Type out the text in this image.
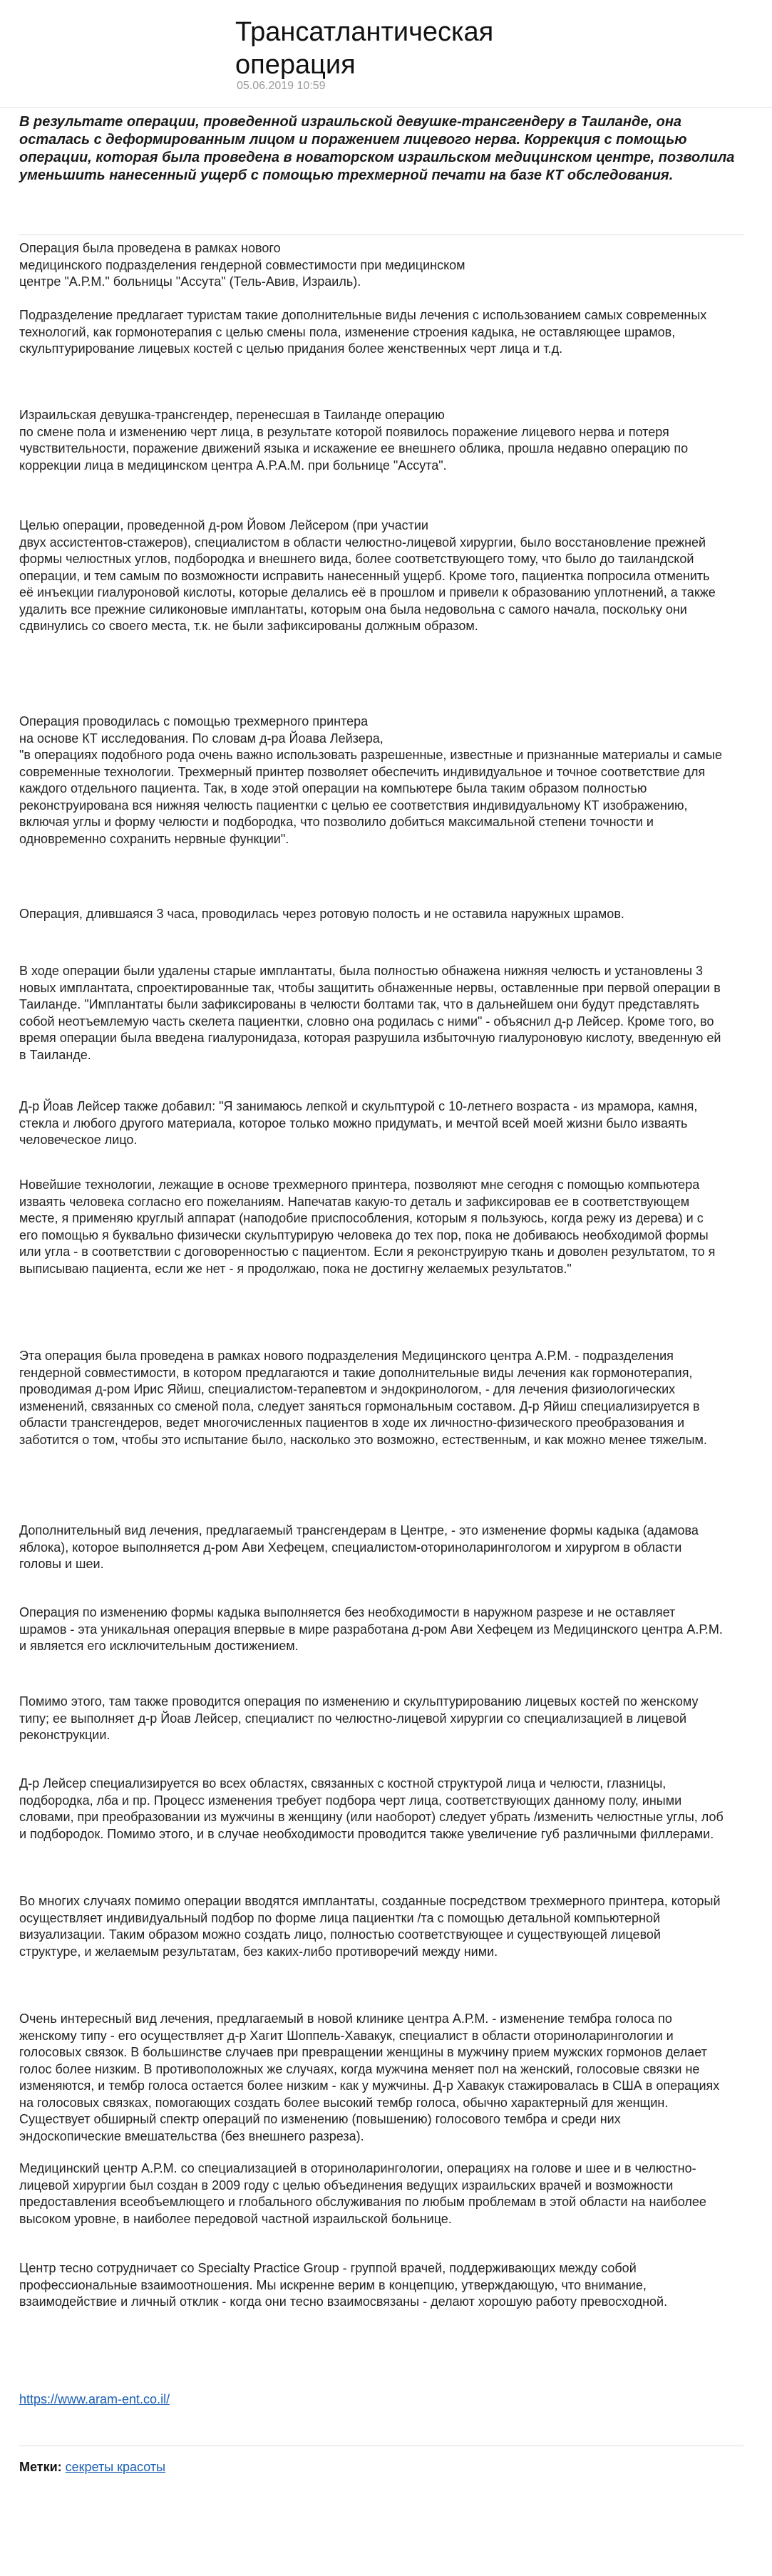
Трансатлантическая операция
05.06.2019 10:59

В результате операции, проведенной израильской девушке-трансгендеру в Таиланде, она осталась с деформированным лицом и поражением лицевого нерва. Коррекция с помощью операции, которая была проведена в новаторском израильском медицинском центре, позволила уменьшить нанесенный ущерб с помощью трехмерной печати на базе КТ обследования.

Операция была проведена в рамках нового
медицинского подразделения гендерной совместимости при медицинском
центре "А.Р.М." больницы "Ассута" (Тель-Авив, Израиль).

Подразделение предлагает туристам такие дополнительные виды лечения с использованием самых современных технологий, как гормонотерапия с целью смены пола, изменение строения кадыка, не оставляющее шрамов, скульптурирование лицевых костей с целью придания более женственных черт лица и т.д.

Израильская девушка-трансгендер, перенесшая в Таиланде операцию
по смене пола и изменению черт лица, в результате которой появилось поражение лицевого нерва и потеря чувствительности, поражение движений языка и искажение ее внешнего облика, прошла недавно операцию по коррекции лица в медицинском центра А.Р.А.М. при больнице "Ассута".

Целью операции, проведенной д-ром Йовом Лейсером (при участии
двух ассистентов-стажеров), специалистом в области челюстно-лицевой хирургии, было восстановление прежней формы челюстных углов, подбородка и внешнего вида, более соответствующего тому, что было до таиландской операции, и тем самым по возможности исправить нанесенный ущерб. Кроме того, пациентка попросила отменить её инъекции гиалуроновой кислоты, которые делались её в прошлом и привели к образованию уплотнений, а также удалить все прежние силиконовые имплантаты, которым она была недовольна с самого начала, поскольку они сдвинулись со своего места, т.к. не были зафиксированы должным образом.

Операция проводилась с помощью трехмерного принтера
на основе КТ исследования. По словам д-ра Йоава Лейзера,
"в операциях подобного рода очень важно использовать разрешенные, известные и признанные материалы и самые современные технологии. Трехмерный принтер позволяет обеспечить индивидуальное и точное соответствие для каждого отдельного пациента. Так, в ходе этой операции на компьютере была таким образом полностью реконструирована вся нижняя челюсть пациентки с целью ее соответствия индивидуальному КТ изображению, включая углы и форму челюсти и подбородка, что позволило добиться максимальной степени точности и одновременно сохранить нервные функции".

Операция, длившаяся 3 часа, проводилась через ротовую полость и не оставила наружных шрамов.

В ходе операции были удалены старые имплантаты, была полностью обнажена нижняя челюсть и установлены 3 новых имплантата, спроектированные так, чтобы защитить обнаженные нервы, оставленные при первой операции в Таиланде. "Имплантаты были зафиксированы в челюсти болтами так, что в дальнейшем они будут представлять собой неотъемлемую часть скелета пациентки, словно она родилась с ними" - объяснил д-р Лейсер. Кроме того, во время операции была введена гиалуронидаза, которая разрушила избыточную гиалуроновую кислоту, введенную ей в Таиланде.

Д-р Йоав Лейсер также добавил: "Я занимаюсь лепкой и скульптурой с 10-летнего возраста - из мрамора, камня, стекла и любого другого материала, которое только можно придумать, и мечтой всей моей жизни было изваять человеческое лицо.

Новейшие технологии, лежащие в основе трехмерного принтера, позволяют мне сегодня с помощью компьютера изваять человека согласно его пожеланиям. Напечатав какую-то деталь и зафиксировав ее в соответствующем месте, я применяю круглый аппарат (наподобие приспособления, которым я пользуюсь, когда режу из дерева) и с его помощью я буквально физически скульптурирую человека до тех пор, пока не добиваюсь необходимой формы или угла - в соответствии с договоренностью с пациентом. Если я реконструирую ткань и доволен результатом, то я выписываю пациента, если же нет - я продолжаю, пока не достигну желаемых результатов."

Эта операция была проведена в рамках нового подразделения Медицинского центра А.Р.М. - подразделения гендерной совместимости, в котором предлагаются и такие дополнительные виды лечения как гормонотерапия, проводимая д-ром Ирис Яйиш, специалистом-терапевтом и эндокринологом, - для лечения физиологических изменений, связанных со сменой пола, следует заняться гормональным составом. Д-р Яйиш специализируется в области трансгендеров, ведет многочисленных пациентов в ходе их личностно-физического преобразования и заботится о том, чтобы это испытание было, насколько это возможно, естественным, и как можно менее тяжелым.

Дополнительный вид лечения, предлагаемый трансгендерам в Центре, - это изменение формы кадыка (адамова яблока), которое выполняется д-ром Ави Хефецем, специалистом-оториноларингологом и хирургом в области головы и шеи.

Операция по изменению формы кадыка выполняется без необходимости в наружном разрезе и не оставляет шрамов - эта уникальная операция впервые в мире разработана д-ром Ави Хефецем из Медицинского центра А.Р.М. и является его исключительным достижением.

Помимо этого, там также проводится операция по изменению и скульптурированию лицевых костей по женскому типу; ее выполняет д-р Йоав Лейсер, специалист по челюстно-лицевой хирургии со специализацией в лицевой реконструкции.

Д-р Лейсер специализируется во всех областях, связанных с костной структурой лица и челюсти, глазницы, подбородка, лба и пр. Процесс изменения требует подбора черт лица, соответствующих данному полу, иными словами, при преобразовании из мужчины в женщину (или наоборот) следует убрать /изменить челюстные углы, лоб и подбородок. Помимо этого, и в случае необходимости проводится также увеличение губ различными филлерами.

Во многих случаях помимо операции вводятся имплантаты, созданные посредством трехмерного принтера, который осуществляет индивидуальный подбор по форме лица пациентки /та с помощью детальной компьютерной визуализации. Таким образом можно создать лицо, полностью соответствующее и существующей лицевой структуре, и желаемым результатам, без каких-либо противоречий между ними.

Очень интересный вид лечения, предлагаемый в новой клинике центра А.Р.М. - изменение тембра голоса по женскому типу - его осуществляет д-р Хагит Шоппель-Хавакук, специалист в области оториноларингологии и голосовых связок. В большинстве случаев при превращении женщины в мужчину прием мужских гормонов делает голос более низким. В противоположных же случаях, когда мужчина меняет пол на женский, голосовые связки не изменяются, и тембр голоса остается более низким - как у мужчины. Д-р Хавакук стажировалась в США в операциях на голосовых связках, помогающих создать более высокий тембр голоса, обычно характерный для женщин. Существует обширный спектр операций по изменению (повышению) голосового тембра и среди них эндоскопические вмешательства (без внешнего разреза).

Медицинский центр А.Р.М. со специализацией в оториноларингологии, операциях на голове и шее и в челюстно-лицевой хирургии был создан в 2009 году с целью объединения ведущих израильских врачей и возможности предоставления всеобъемлющего и глобального обслуживания по любым проблемам в этой области на наиболее высоком уровне, в наиболее передовой частной израильской больнице.

Центр тесно сотрудничает со Specialty Practice Group - группой врачей, поддерживающих между собой профессиональные взаимоотношения. Мы искренне верим в концепцию, утверждающую, что внимание, взаимодействие и личный отклик - когда они тесно взаимосвязаны - делают хорошую работу превосходной.

https://www.aram-ent.co.il/
Метки: секреты красоты
